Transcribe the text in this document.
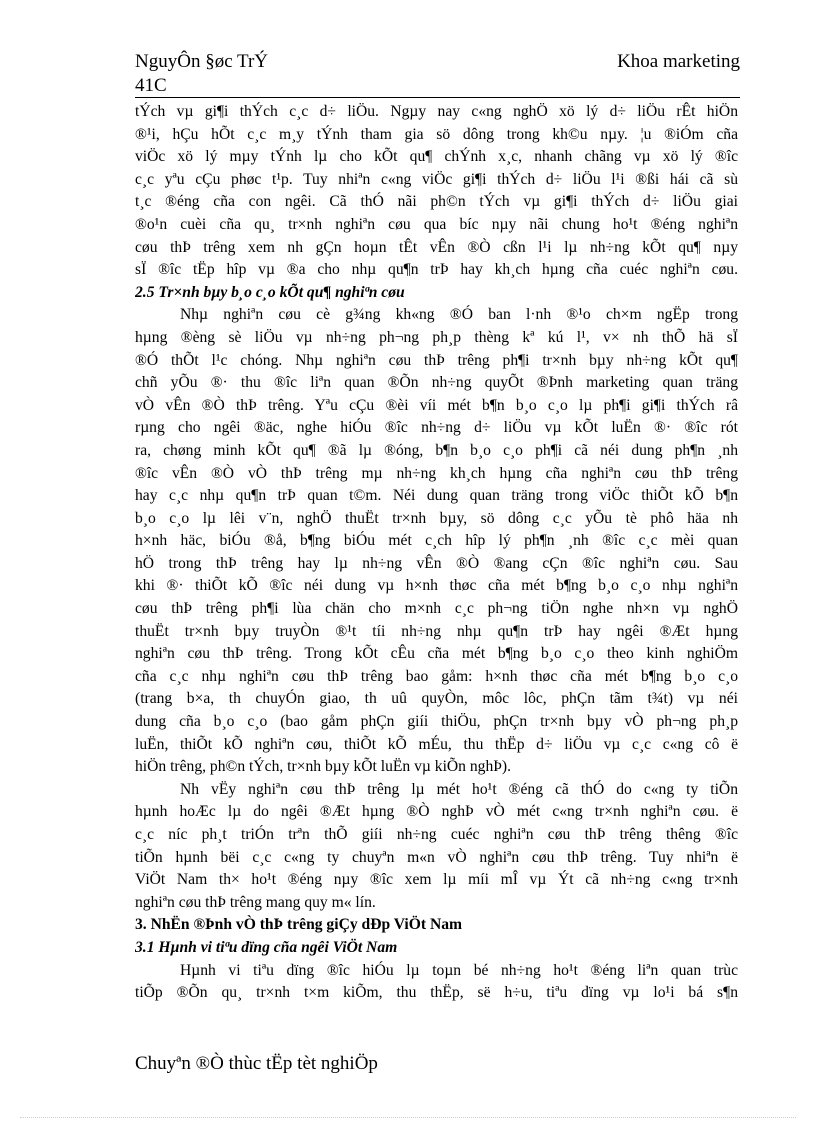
NguyÔn §øc TrÝ	Khoa marketing
41C
tÝch vµ gi¶i thÝch c¸c d÷ liÖu. Ngµy nay c«ng nghÖ xö lý d÷ liÖu rÊt hiÖn
®¹i, hÇu hÕt c¸c m¸y tÝnh tham gia sö dông trong kh©u nµy. ¦u ®iÓm cña
viÖc xö lý mµy tÝnh lµ cho kÕt qu¶ chÝnh x¸c, nhanh chãng vµ xö lý ®îc
c¸c yªu cÇu phøc t¹p. Tuy nhiªn c«ng viÖc gi¶i thÝch d÷ liÖu l¹i ®ßi hái cã sù
t¸c ®éng cña con ngêi. Cã thÓ nãi ph©n tÝch vµ gi¶i thÝch d÷ liÖu giai
®o¹n cuèi cña qu¸ tr×nh nghiªn cøu qua bíc nµy nãi chung ho¹t ®éng nghiªn
cøu thÞ trêng xem nh gÇn hoµn tÊt vÊn ®Ò cßn l¹i lµ nh÷ng kÕt qu¶ nµy
sÏ ®îc tËp hîp vµ ®a cho nhµ qu¶n trÞ hay kh¸ch hµng cña cuéc nghiªn cøu.
2.5 Tr×nh bµy b¸o c¸o kÕt qu¶ nghiªn cøu
Nhµ nghiªn cøu cè g¾ng kh«ng ®Ó ban l·nh ®¹o ch×m ngËp trong
hµng ®èng sè liÖu vµ nh÷ng ph¬ng ph¸p thèng kª kú l¹, v× nh thÕ hä sÏ
®Ó thÕt l¹c chóng. Nhµ nghiªn cøu thÞ trêng ph¶i tr×nh bµy nh÷ng kÕt qu¶
chñ yÕu ®· thu ®îc liªn quan ®Õn nh÷ng quyÕt ®Þnh marketing quan träng
vÒ vÊn ®Ò thÞ trêng. Yªu cÇu ®èi víi mét b¶n b¸o c¸o lµ ph¶i gi¶i thÝch râ
rµng cho ngêi ®äc, nghe hiÓu ®îc nh÷ng d÷ liÖu vµ kÕt luËn ®· ®îc rót
ra, chøng minh kÕt qu¶ ®ã lµ ®óng, b¶n b¸o c¸o ph¶i cã néi dung ph¶n ¸nh
®îc vÊn ®Ò vÒ thÞ trêng mµ nh÷ng kh¸ch hµng cña nghiªn cøu thÞ trêng
hay c¸c nhµ qu¶n trÞ quan t©m. Néi dung quan träng trong viÖc thiÕt kÕ b¶n
b¸o c¸o lµ lêi v¨n, nghÖ thuËt tr×nh bµy, sö dông c¸c yÕu tè phô häa nh
h×nh häc, biÓu ®å, b¶ng biÓu mét c¸ch hîp lý ph¶n ¸nh ®îc c¸c mèi quan
hÖ trong thÞ trêng hay lµ nh÷ng vÊn ®Ò ®ang cÇn ®îc nghiªn cøu. Sau
khi ®· thiÕt kÕ ®îc néi dung vµ h×nh thøc cña mét b¶ng b¸o c¸o nhµ nghiªn
cøu thÞ trêng ph¶i lùa chän cho m×nh c¸c ph¬ng tiÖn nghe nh×n vµ nghÖ
thuËt tr×nh bµy truyÒn ®¹t tíi nh÷ng nhµ qu¶n trÞ hay ngêi ®Æt hµng
nghiªn cøu thÞ trêng. Trong kÕt cÊu cña mét b¶ng b¸o c¸o theo kinh nghiÖm
cña c¸c nhµ nghiªn cøu thÞ trêng bao gåm: h×nh thøc cña mét b¶ng b¸o c¸o
(trang b×a, th chuyÓn giao, th uû quyÒn, môc lôc, phÇn tãm t¾t) vµ néi
dung cña b¸o c¸o (bao gåm phÇn giíi thiÖu, phÇn tr×nh bµy vÒ ph¬ng ph¸p
luËn, thiÕt kÕ nghiªn cøu, thiÕt kÕ mÉu, thu thËp d÷ liÖu vµ c¸c c«ng cô ë
hiÖn trêng, ph©n tÝch, tr×nh bµy kÕt luËn vµ kiÕn nghÞ).
Nh vËy nghiªn cøu thÞ trêng lµ mét ho¹t ®éng cã thÓ do c«ng ty tiÕn
hµnh hoÆc lµ do ngêi ®Æt hµng ®Ò nghÞ vÒ mét c«ng tr×nh nghiªn cøu. ë
c¸c níc ph¸t triÓn trªn thÕ giíi nh÷ng cuéc nghiªn cøu thÞ trêng thêng ®îc
tiÕn hµnh bëi c¸c c«ng ty chuyªn m«n vÒ nghiªn cøu thÞ trêng. Tuy nhiªn ë
ViÖt Nam th× ho¹t ®éng nµy ®îc xem lµ míi mÎ vµ Ýt cã nh÷ng c«ng tr×nh
nghiªn cøu thÞ trêng mang quy m« lín.
3. NhËn ®Þnh vÒ thÞ trêng giÇy dÐp ViÖt Nam
3.1 Hµnh vi tiªu dïng cña ngêi ViÖt Nam
Hµnh vi tiªu dïng ®îc hiÓu lµ toµn bé nh÷ng ho¹t ®éng liªn quan trùc
tiÕp ®Õn qu¸ tr×nh t×m kiÕm, thu thËp, së h÷u, tiªu dïng vµ lo¹i bá s¶n
Chuyªn ®Ò thùc tËp tèt nghiÖp
